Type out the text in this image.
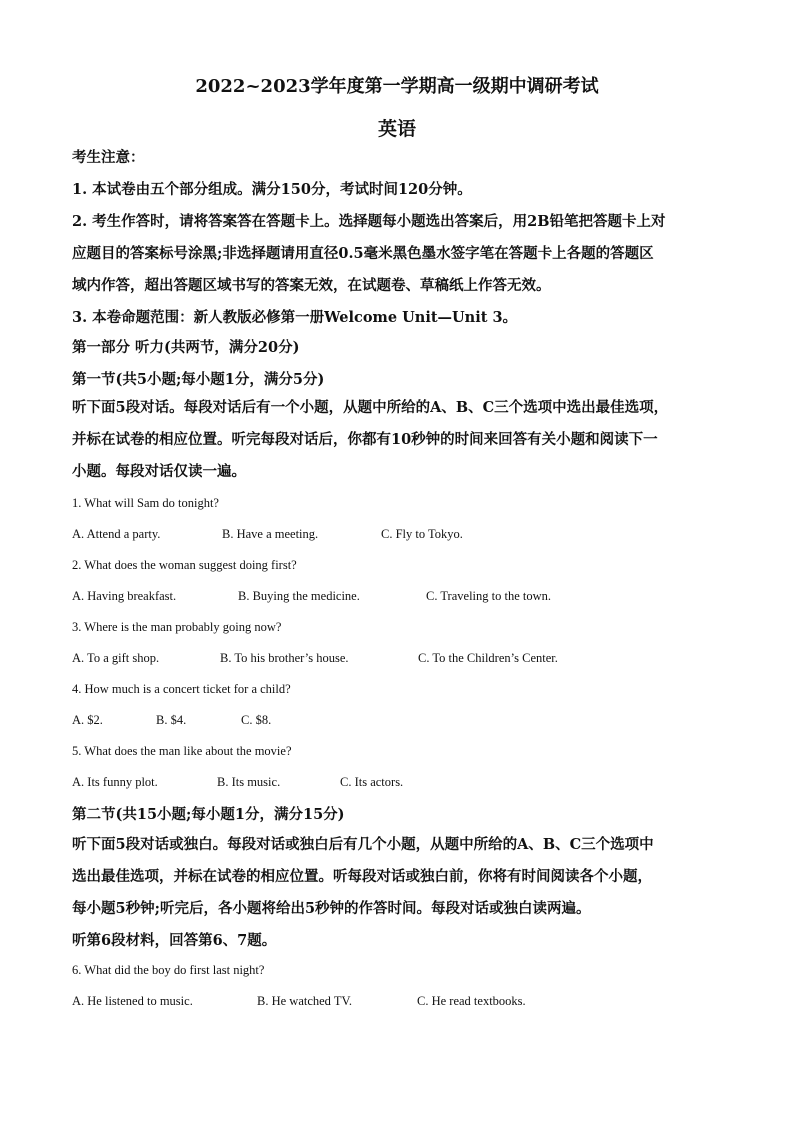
2022~2023学年度第一学期高一级期中调研考试
英语

考生注意：

1. 本试卷由五个部分组成。满分150分，考试时间120分钟。

2. 考生作答时，请将答案答在答题卡上。选择题每小题选出答案后，用2B铅笔把答题卡上对

应题目的答案标号涂黑;非选择题请用直径0.5毫米黑色墨水签字笔在答题卡上各题的答题区

域内作答，超出答题区域书写的答案无效，在试题卷、草稿纸上作答无效。

3. 本卷命题范围：新人教版必修第一册Welcome Unit—Unit 3。

第一部分 听力(共两节，满分20分)

第一节(共5小题;每小题1分，满分5分)

听下面5段对话。每段对话后有一个小题，从题中所给的A、B、C三个选项中选出最佳选项，

并标在试卷的相应位置。听完每段对话后，你都有10秒钟的时间来回答有关小题和阅读下一

小题。每段对话仅读一遍。

1. What will Sam do tonight?

A. Attend a party.	B. Have a meeting.	C. Fly to Tokyo.

2. What does the woman suggest doing first?

A. Having breakfast.	B. Buying the medicine.	C. Traveling to the town.

3. Where is the man probably going now?

A. To a gift shop.	B. To his brother’s house.	C. To the Children’s Center.

4. How much is a concert ticket for a child?

A. $2.	B. $4.	C. $8.

5. What does the man like about the movie?

A. Its funny plot.	B. Its music.	C. Its actors.

第二节(共15小题;每小题1分，满分15分)

听下面5段对话或独白。每段对话或独白后有几个小题，从题中所给的A、B、C三个选项中

选出最佳选项，并标在试卷的相应位置。听每段对话或独白前，你将有时间阅读各个小题，

每小题5秒钟;听完后，各小题将给出5秒钟的作答时间。每段对话或独白读两遍。

听第6段材料，回答第6、7题。

6. What did the boy do first last night?

A. He listened to music.	B. He watched TV.	C. He read textbooks.
